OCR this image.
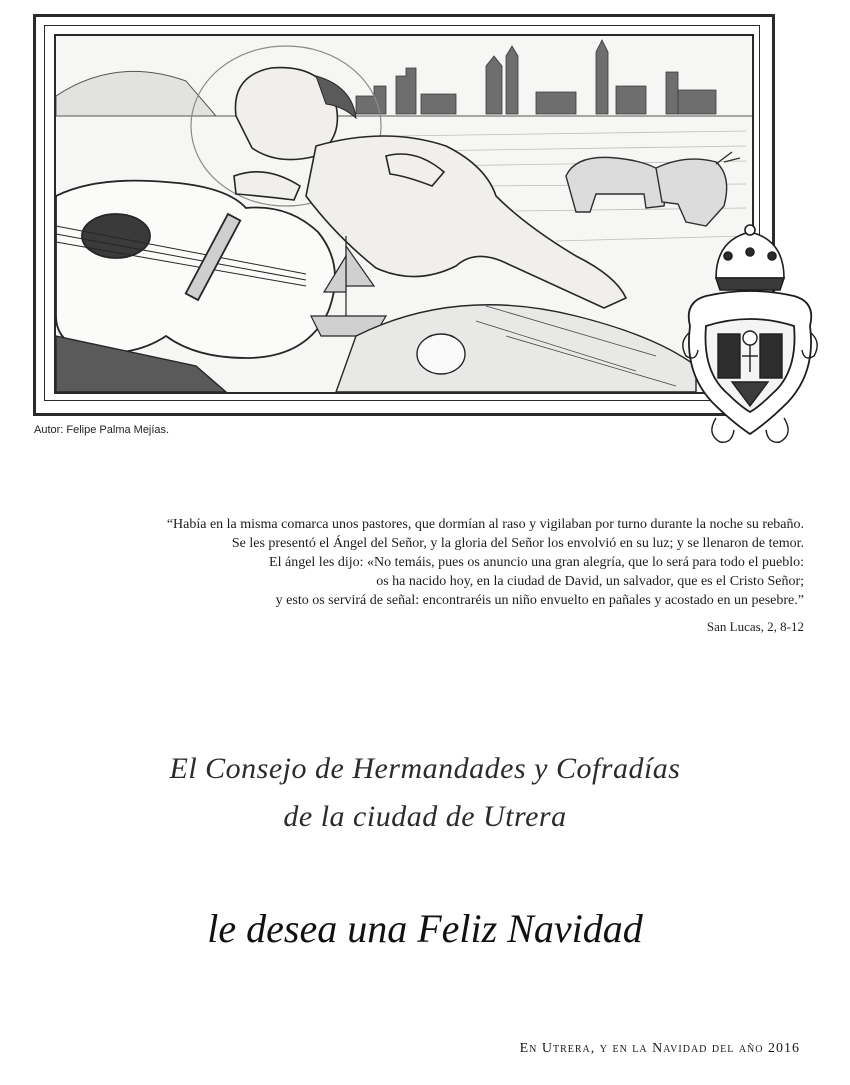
Autor: Felipe Palma Mejías.
“Había en la misma comarca unos pastores, que dormían al raso y vigilaban por turno durante la noche su rebaño.
Se les presentó el Ángel del Señor, y la gloria del Señor los envolvió en su luz; y se llenaron de temor.
El ángel les dijo: «No temáis, pues os anuncio una gran alegría, que lo será para todo el pueblo:
os ha nacido hoy, en la ciudad de David, un salvador, que es el Cristo Señor;
y esto os servirá de señal: encontraréis un niño envuelto en pañales y acostado en un pesebre.”
San Lucas, 2, 8-12
El Consejo de Hermandades y Cofradías
de la ciudad de Utrera
le desea una Feliz Navidad
En Utrera, y en la Navidad del año 2016
